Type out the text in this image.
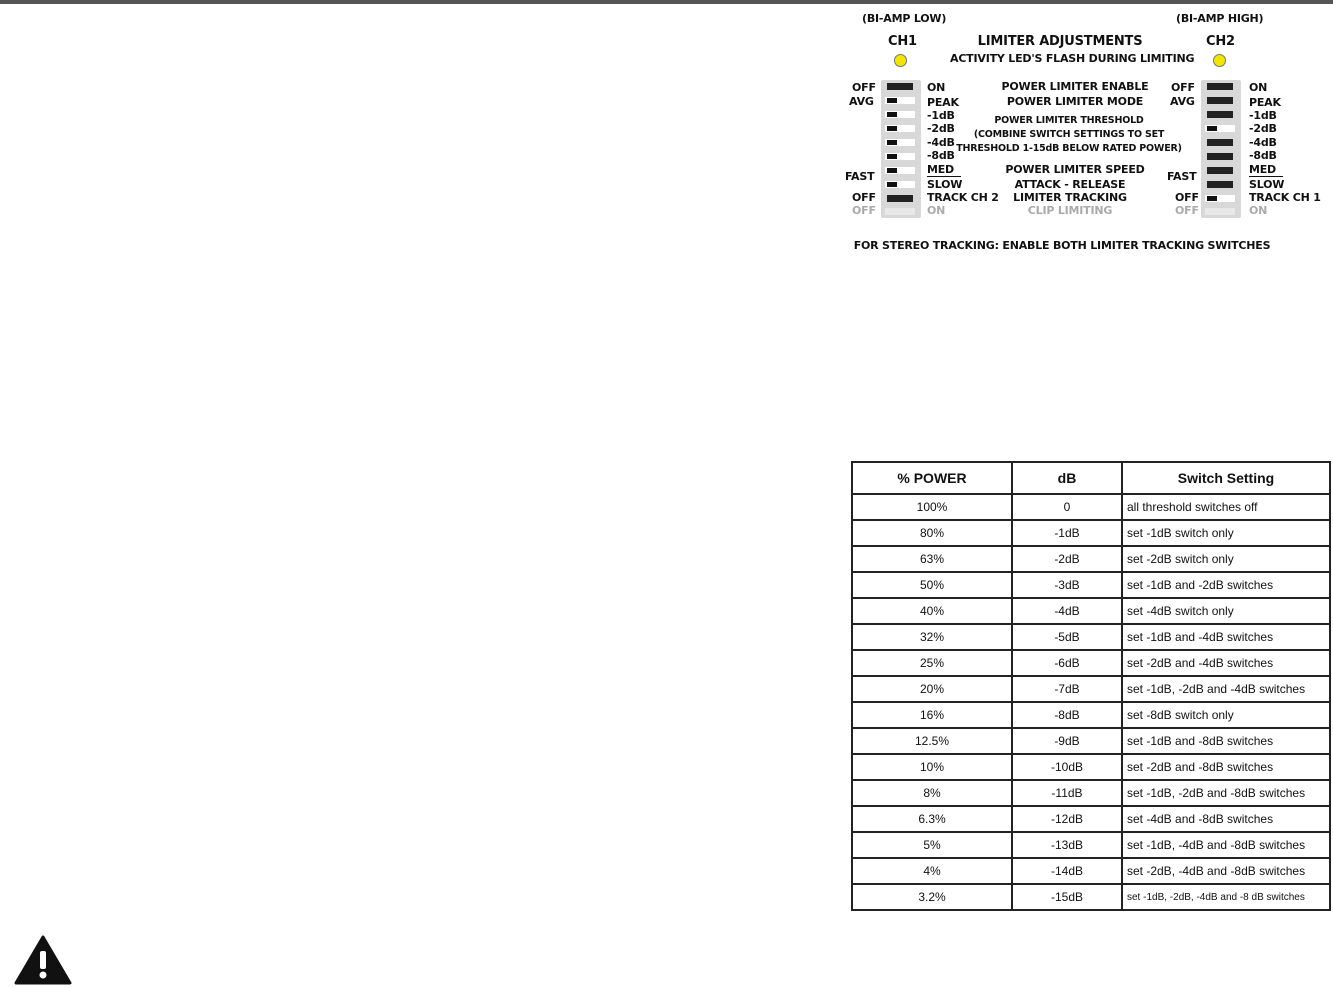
(BI-AMP LOW)	(BI-AMP HIGH)
CH1	CH2
LIMITER ADJUSTMENTS
ACTIVITY LED'S FLASH DURING LIMITING
OFF
AVG
FAST
OFF
OFF
ON
PEAK
-1dB
-2dB
-4dB
-8dB
MED
SLOW
TRACK CH 2
ON
POWER LIMITER ENABLE
POWER LIMITER MODE
POWER LIMITER THRESHOLD
(COMBINE SWITCH SETTINGS TO SET
THRESHOLD 1-15dB BELOW RATED POWER)
POWER LIMITER SPEED
ATTACK - RELEASE
LIMITER TRACKING
CLIP LIMITING
OFF
AVG
FAST
OFF
OFF
ON
PEAK
-1dB
-2dB
-4dB
-8dB
MED
SLOW
TRACK CH 1
ON
FOR STEREO TRACKING: ENABLE BOTH LIMITER TRACKING SWITCHES
% POWER	dB	Switch Setting
100%	0	all threshold switches off
80%	-1dB	set -1dB switch only
63%	-2dB	set -2dB switch only
50%	-3dB	set -1dB and -2dB switches
40%	-4dB	set -4dB switch only
32%	-5dB	set -1dB and -4dB switches
25%	-6dB	set -2dB and -4dB switches
20%	-7dB	set -1dB, -2dB and -4dB switches
16%	-8dB	set -8dB switch only
12.5%	-9dB	set -1dB and -8dB switches
10%	-10dB	set -2dB and -8dB switches
8%	-11dB	set -1dB, -2dB and -8dB switches
6.3%	-12dB	set -4dB and -8dB switches
5%	-13dB	set -1dB, -4dB and -8dB switches
4%	-14dB	set -2dB, -4dB and -8dB switches
3.2%	-15dB	set -1dB, -2dB, -4dB and -8 dB switches
